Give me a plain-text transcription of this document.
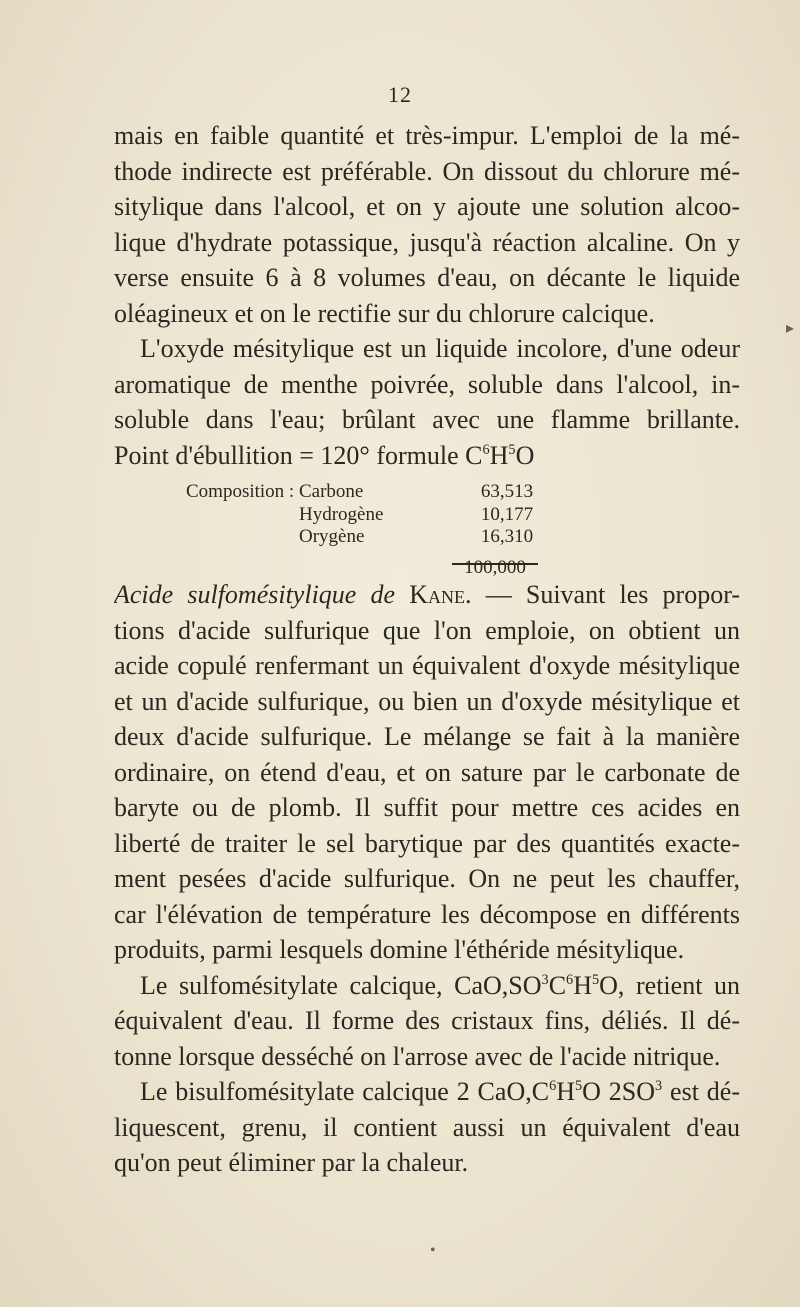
12
mais en faible quantité et très-impur. L'emploi de la mé-
thode indirecte est préférable. On dissout du chlorure mé-
sitylique dans l'alcool, et on y ajoute une solution alcoo-
lique d'hydrate potassique, jusqu'à réaction alcaline. On y
verse ensuite 6 à 8 volumes d'eau, on décante le liquide
oléagineux et on le rectifie sur du chlorure calcique.
L'oxyde mésitylique est un liquide incolore, d'une odeur
aromatique de menthe poivrée, soluble dans l'alcool, in-
soluble dans l'eau; brûlant avec une flamme brillante.
Point d'ébullition = 120° formule $C^6H^5O$
Composition : Carbone	63,513
Hydrogène	10,177
Orygène	16,310
100,000
Acide sulfomésitylique de Kane. — Suivant les propor-
tions d'acide sulfurique que l'on emploie, on obtient un
acide copulé renfermant un équivalent d'oxyde mésitylique
et un d'acide sulfurique, ou bien un d'oxyde mésitylique et
deux d'acide sulfurique. Le mélange se fait à la manière
ordinaire, on étend d'eau, et on sature par le carbonate de
baryte ou de plomb. Il suffit pour mettre ces acides en
liberté de traiter le sel barytique par des quantités exacte-
ment pesées d'acide sulfurique. On ne peut les chauffer,
car l'élévation de température les décompose en différents
produits, parmi lesquels domine l'éthéride mésitylique.
Le sulfomésitylate calcique, $CaO,SO^3C^6H^5O$, retient un
équivalent d'eau. Il forme des cristaux fins, déliés. Il dé-
tonne lorsque desséché on l'arrose avec de l'acide nitrique.
Le bisulfomésitylate calcique 2 $CaO,C^6H^5O$ $2SO^3$ est dé-
liquescent, grenu, il contient aussi un équivalent d'eau
qu'on peut éliminer par la chaleur.
▸
•
